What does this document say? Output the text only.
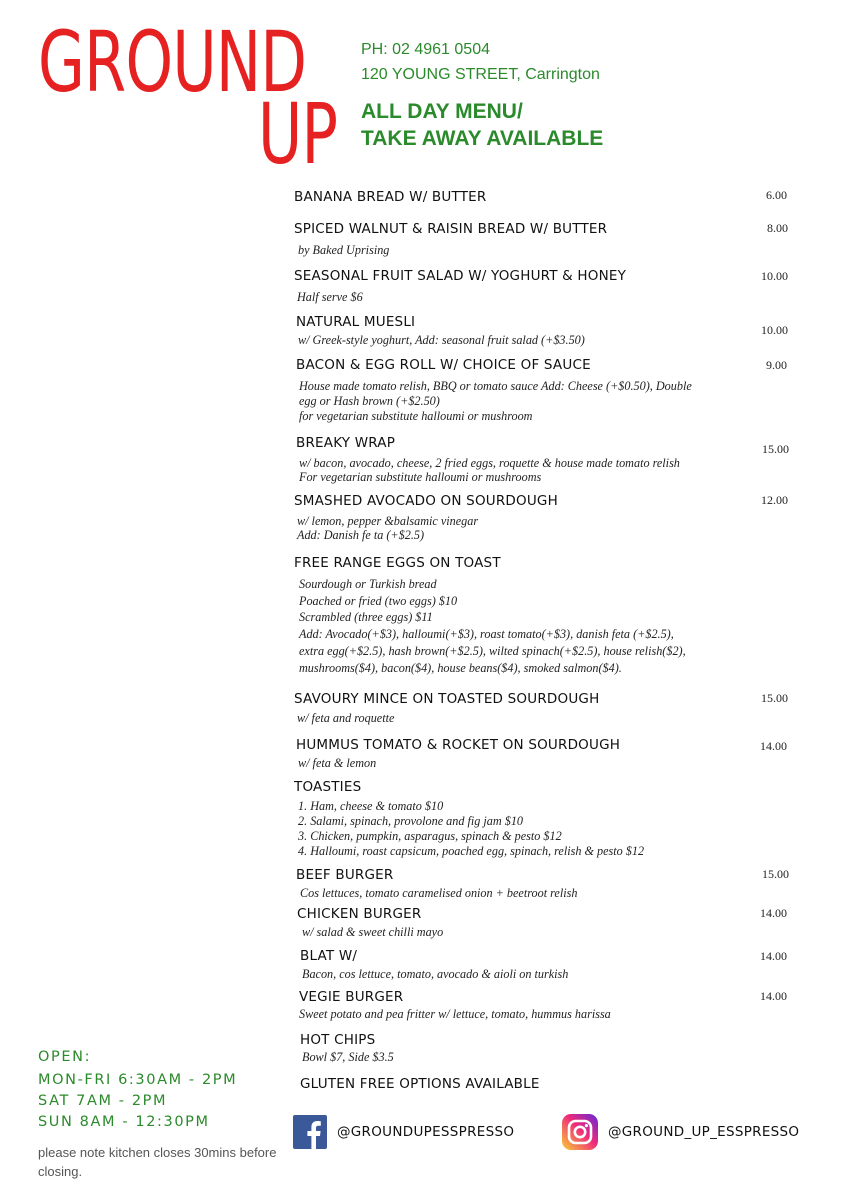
GROUND
UP
PH: 02 4961 0504
120 YOUNG STREET, Carrington
ALL DAY MENU/
TAKE AWAY AVAILABLE
BANANA BREAD W/ BUTTER	6.00
SPICED WALNUT & RAISIN BREAD W/ BUTTER
by Baked Uprising
8.00
SEASONAL FRUIT SALAD W/ YOGHURT & HONEY
Half serve $6
10.00
NATURAL MUESLI
w/ Greek-style yoghurt, Add: seasonal fruit salad (+$3.50)
10.00
BACON & EGG ROLL W/ CHOICE OF SAUCE
House made tomato relish, BBQ or tomato sauce Add: Cheese (+$0.50), Double
egg or Hash brown (+$2.50)
for vegetarian substitute halloumi or mushroom
9.00
BREAKY WRAP
w/ bacon, avocado, cheese, 2 fried eggs, roquette & house made tomato relish
For vegetarian substitute halloumi or mushrooms
15.00
SMASHED AVOCADO ON SOURDOUGH
w/ lemon, pepper &balsamic vinegar
Add: Danish fe ta (+$2.5)
12.00
FREE RANGE EGGS ON TOAST
Sourdough or Turkish bread
Poached or fried (two eggs) $10
Scrambled (three eggs) $11
Add: Avocado(+$3), halloumi(+$3), roast tomato(+$3), danish feta (+$2.5),
extra egg(+$2.5), hash brown(+$2.5), wilted spinach(+$2.5), house relish($2),
mushrooms($4), bacon($4), house beans($4), smoked salmon($4).
SAVOURY MINCE ON TOASTED SOURDOUGH
w/ feta and roquette
15.00
HUMMUS TOMATO & ROCKET ON SOURDOUGH
w/ feta & lemon
14.00
TOASTIES
1. Ham, cheese & tomato $10
2. Salami, spinach, provolone and fig jam $10
3. Chicken, pumpkin, asparagus, spinach & pesto $12
4. Halloumi, roast capsicum, poached egg, spinach, relish & pesto $12
BEEF BURGER
Cos lettuces, tomato caramelised onion + beetroot relish
15.00
CHICKEN BURGER
w/ salad & sweet chilli mayo
14.00
BLAT W/
Bacon, cos lettuce, tomato, avocado & aioli on turkish
14.00
VEGIE BURGER
Sweet potato and pea fritter w/ lettuce, tomato, hummus harissa
14.00
HOT CHIPS
Bowl $7, Side $3.5
GLUTEN FREE OPTIONS AVAILABLE
OPEN:
MON-FRI 6:30AM - 2PM
SAT 7AM - 2PM
SUN 8AM - 12:30PM
please note kitchen closes 30mins before closing.
@GROUNDUPESSPRESSO	@GROUND_UP_ESSPRESSO
